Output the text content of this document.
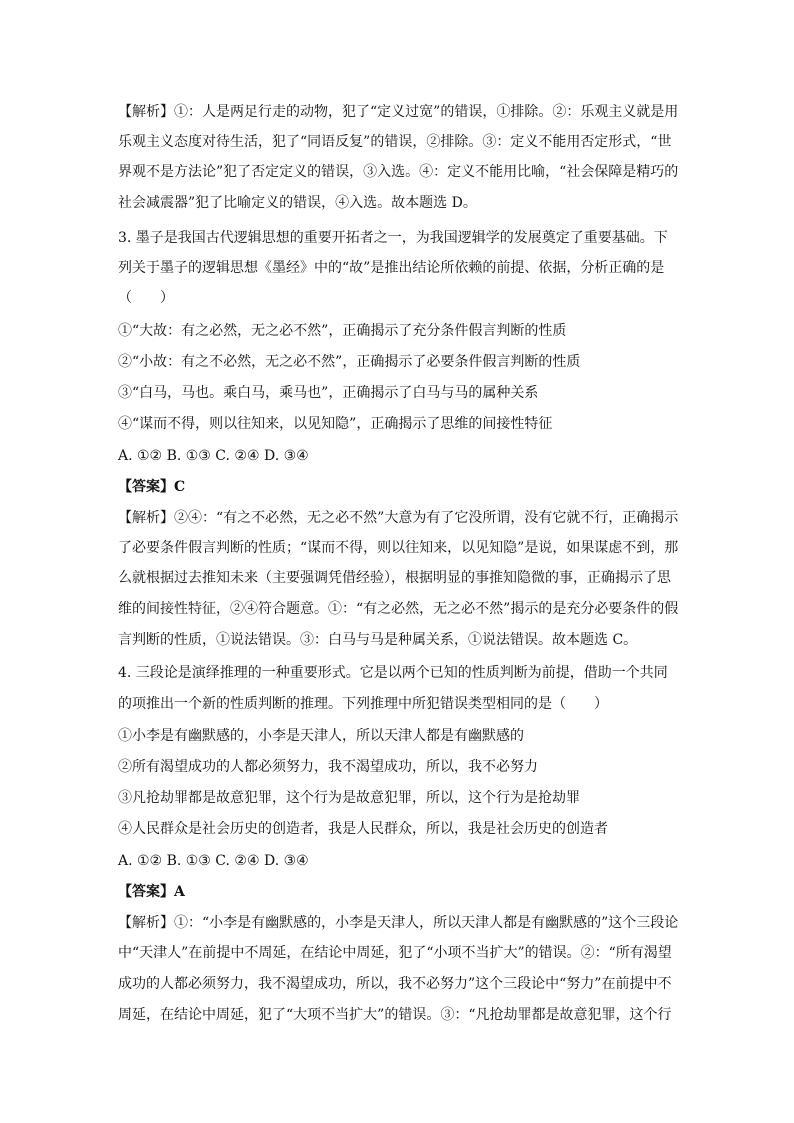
【解析】①：人是两足行走的动物，犯了“定义过宽”的错误，①排除。②：乐观主义就是用
乐观主义态度对待生活，犯了“同语反复”的错误，②排除。③：定义不能用否定形式，“世
界观不是方法论”犯了否定定义的错误，③入选。④：定义不能用比喻，“社会保障是精巧的
社会减震器”犯了比喻定义的错误，④入选。故本题选 D。
3. 墨子是我国古代逻辑思想的重要开拓者之一，为我国逻辑学的发展奠定了重要基础。下
列关于墨子的逻辑思想《墨经》中的“故”是推出结论所依赖的前提、依据，分析正确的是
（　　）
①“大故：有之必然，无之必不然”，正确揭示了充分条件假言判断的性质
②“小故：有之不必然，无之必不然”，正确揭示了必要条件假言判断的性质
③“白马，马也。乘白马，乘马也”，正确揭示了白马与马的属种关系
④“谋而不得，则以往知来，以见知隐”，正确揭示了思维的间接性特征
A. ①② B. ①③ C. ②④ D. ③④
【答案】C
【解析】②④：“有之不必然，无之必不然”大意为有了它没所谓，没有它就不行，正确揭示
了必要条件假言判断的性质；“谋而不得，则以往知来，以见知隐”是说，如果谋虑不到，那
么就根据过去推知未来（主要强调凭借经验），根据明显的事推知隐微的事，正确揭示了思
维的间接性特征，②④符合题意。①：“有之必然，无之必不然”揭示的是充分必要条件的假
言判断的性质，①说法错误。③：白马与马是种属关系，①说法错误。故本题选 C。
4. 三段论是演绎推理的一种重要形式。它是以两个已知的性质判断为前提，借助一个共同
的项推出一个新的性质判断的推理。下列推理中所犯错误类型相同的是（　　）
①小李是有幽默感的，小李是天津人，所以天津人都是有幽默感的
②所有渴望成功的人都必须努力，我不渴望成功，所以，我不必努力
③凡抢劫罪都是故意犯罪，这个行为是故意犯罪，所以，这个行为是抢劫罪
④人民群众是社会历史的创造者，我是人民群众，所以，我是社会历史的创造者
A. ①② B. ①③ C. ②④ D. ③④
【答案】A
【解析】①：“小李是有幽默感的，小李是天津人，所以天津人都是有幽默感的”这个三段论
中“天津人”在前提中不周延，在结论中周延，犯了“小项不当扩大”的错误。②：“所有渴望
成功的人都必须努力，我不渴望成功，所以，我不必努力”这个三段论中“努力”在前提中不
周延，在结论中周延，犯了“大项不当扩大”的错误。③：“凡抢劫罪都是故意犯罪，这个行
